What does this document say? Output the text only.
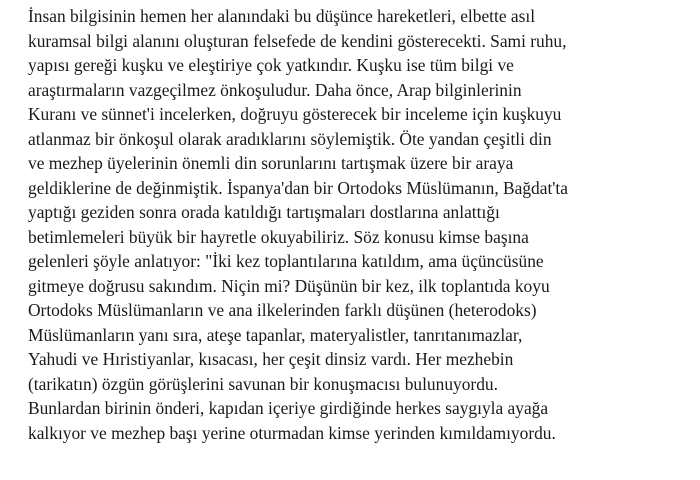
İnsan bilgisinin hemen her alanındaki bu düşünce hareketleri, elbette asıl
kuramsal bilgi alanını oluşturan felsefede de kendini gösterecekti. Sami ruhu,
yapısı gereği kuşku ve eleştiriye çok yatkındır. Kuşku ise tüm bilgi ve
araştırmaların vazgeçilmez önkoşuludur. Daha önce, Arap bilginlerinin
Kuranı ve sünnet'i incelerken, doğruyu gösterecek bir inceleme için kuşkuyu
atlanmaz bir önkoşul olarak aradıklarını söylemiştik. Öte yandan çeşitli din
ve mezhep üyelerinin önemli din sorunlarını tartışmak üzere bir araya
geldiklerine de değinmiştik. İspanya'dan bir Ortodoks Müslümanın, Bağdat'ta
yaptığı geziden sonra orada katıldığı tartışmaları dostlarına anlattığı
betimlemeleri büyük bir hayretle okuyabiliriz. Söz konusu kimse başına
gelenleri şöyle anlatıyor: "İki kez toplantılarına katıldım, ama üçüncüsüne
gitmeye doğrusu sakındım. Niçin mi? Düşünün bir kez, ilk toplantıda koyu
Ortodoks Müslümanların ve ana ilkelerinden farklı düşünen (heterodoks)
Müslümanların yanı sıra, ateşe tapanlar, materyalistler, tanrıtanımazlar,
Yahudi ve Hıristiyanlar, kısacası, her çeşit dinsiz vardı. Her mezhebin
(tarikatın) özgün görüşlerini savunan bir konuşmacısı bulunuyordu.
Bunlardan birinin önderi, kapıdan içeriye girdiğinde herkes saygıyla ayağa
kalkıyor ve mezhep başı yerine oturmadan kimse yerinden kımıldamıyordu.
